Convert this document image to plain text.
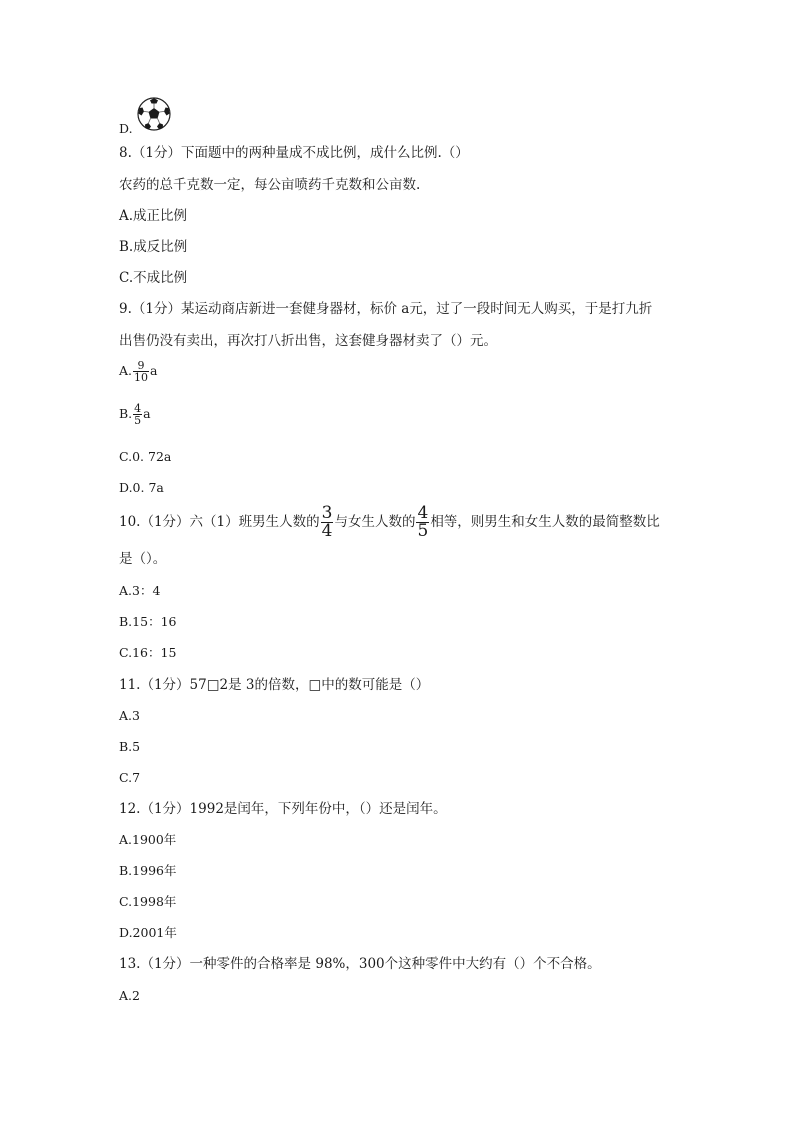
D.
8.（1分）下面题中的两种量成不成比例，成什么比例.（）
农药的总千克数一定，每公亩喷药千克数和公亩数.
A.成正比例
B.成反比例
C.不成比例
9.（1分）某运动商店新进一套健身器材，标价 a元，过了一段时间无人购买，于是打九折
出售仍没有卖出，再次打八折出售，这套健身器材卖了（）元。
A. $\frac{9}{10}$ a
B. $\frac{4}{5}$ a
C.0. 72a
D.0. 7a
10.（1分）六（1）班男生人数的 $\frac{3}{4}$ 与女生人数的 $\frac{4}{5}$ 相等，则男生和女生人数的最简整数比
是（）。
A.3：4
B.15：16
C.16：15
11.（1分）57□2是 3的倍数，□中的数可能是（）
A.3
B.5
C.7
12.（1分）1992是闰年，下列年份中，（）还是闰年。
A.1900年
B.1996年
C.1998年
D.2001年
13.（1分）一种零件的合格率是 98%，300个这种零件中大约有（）个不合格。
A.2
